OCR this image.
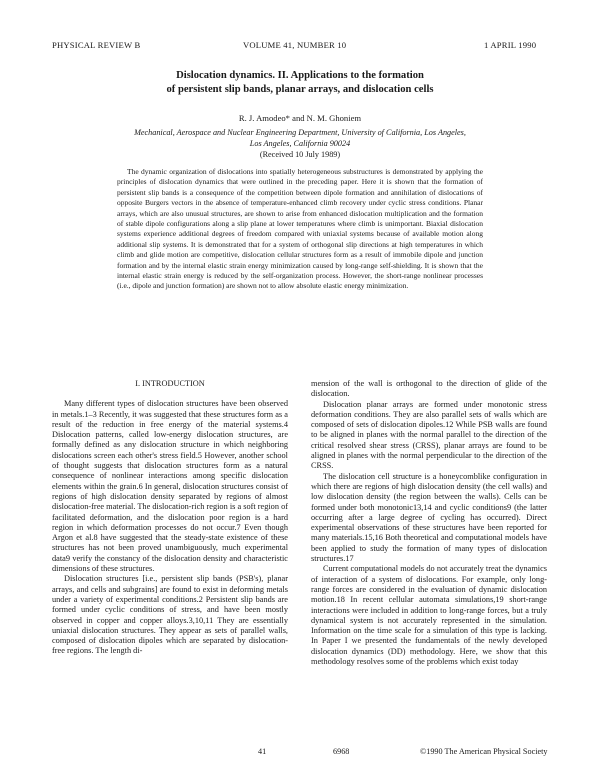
PHYSICAL REVIEW B	VOLUME 41, NUMBER 10	1 APRIL 1990
Dislocation dynamics. II. Applications to the formation
of persistent slip bands, planar arrays, and dislocation cells
R. J. Amodeo* and N. M. Ghoniem
Mechanical, Aerospace and Nuclear Engineering Department, University of California, Los Angeles,
Los Angeles, California 90024
(Received 10 July 1989)

The dynamic organization of dislocations into spatially heterogeneous substructures is demonstrated by applying the principles of dislocation dynamics that were outlined in the preceding paper. Here it is shown that the formation of persistent slip bands is a consequence of the competition between dipole formation and annihilation of dislocations of opposite Burgers vectors in the absence of temperature-enhanced climb recovery under cyclic stress conditions. Planar arrays, which are also unusual structures, are shown to arise from enhanced dislocation multiplication and the formation of stable dipole configurations along a slip plane at lower temperatures where climb is unimportant. Biaxial dislocation systems experience additional degrees of freedom compared with uniaxial systems because of available motion along additional slip systems. It is demonstrated that for a system of orthogonal slip directions at high temperatures in which climb and glide motion are competitive, dislocation cellular structures form as a result of immobile dipole and junction formation and by the internal elastic strain energy minimization caused by long-range self-shielding. It is shown that the internal elastic strain energy is reduced by the self-organization process. However, the short-range nonlinear processes (i.e., dipole and junction formation) are shown not to allow absolute elastic energy minimization.

I. INTRODUCTION

Many different types of dislocation structures have been observed in metals.1–3 Recently, it was suggested that these structures form as a result of the reduction in free energy of the material systems.4 Dislocation patterns, called low-energy dislocation structures, are formally defined as any dislocation structure in which neighboring dislocations screen each other's stress field.5 However, another school of thought suggests that dislocation structures form as a natural consequence of nonlinear interactions among specific dislocation elements within the grain.6 In general, dislocation structures consist of regions of high dislocation density separated by regions of almost dislocation-free material. The dislocation-rich region is a soft region of facilitated deformation, and the dislocation poor region is a hard region in which deformation processes do not occur.7 Even though Argon et al.8 have suggested that the steady-state existence of these structures has not been proved unambiguously, much experimental data9 verify the constancy of the dislocation density and characteristic dimensions of these structures.

Dislocation structures [i.e., persistent slip bands (PSB's), planar arrays, and cells and subgrains] are found to exist in deforming metals under a variety of experimental conditions.2 Persistent slip bands are formed under cyclic conditions of stress, and have been mostly observed in copper and copper alloys.3,10,11 They are essentially uniaxial dislocation structures. They appear as sets of parallel walls, composed of dislocation dipoles which are separated by dislocation-free regions. The length di-

mension of the wall is orthogonal to the direction of glide of the dislocation.

Dislocation planar arrays are formed under monotonic stress deformation conditions. They are also parallel sets of walls which are composed of sets of dislocation dipoles.12 While PSB walls are found to be aligned in planes with the normal parallel to the direction of the critical resolved shear stress (CRSS), planar arrays are found to be aligned in planes with the normal perpendicular to the direction of the CRSS.

The dislocation cell structure is a honeycomblike configuration in which there are regions of high dislocation density (the cell walls) and low dislocation density (the region between the walls). Cells can be formed under both monotonic13,14 and cyclic conditions9 (the latter occurring after a large degree of cycling has occurred). Direct experimental observations of these structures have been reported for many materials.15,16 Both theoretical and computational models have been applied to study the formation of many types of dislocation structures.17

Current computational models do not accurately treat the dynamics of interaction of a system of dislocations. For example, only long-range forces are considered in the evaluation of dynamic dislocation motion.18 In recent cellular automata simulations,19 short-range interactions were included in addition to long-range forces, but a truly dynamical system is not accurately represented in the simulation. Information on the time scale for a simulation of this type is lacking. In Paper I we presented the fundamentals of the newly developed dislocation dynamics (DD) methodology. Here, we show that this methodology resolves some of the problems which exist today

41	6968	©1990 The American Physical Society
